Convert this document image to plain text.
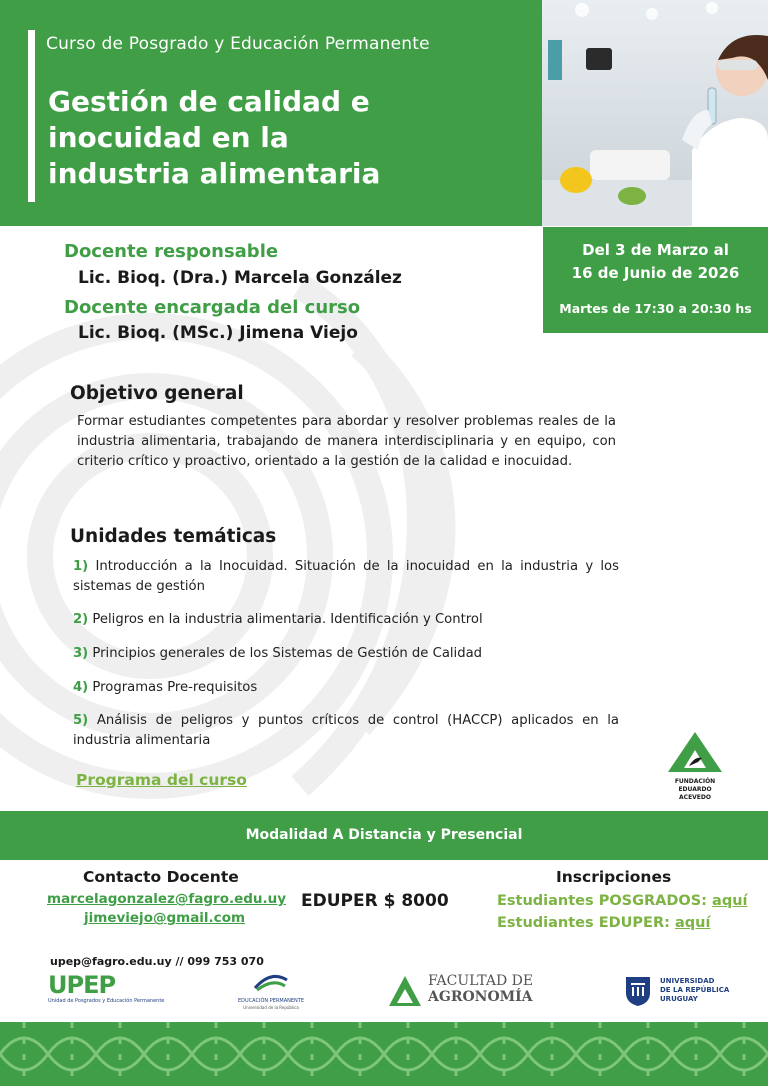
Curso de Posgrado y Educación Permanente
Gestión de calidad e
inocuidad en la
industria alimentaria
Del 3 de Marzo al
16 de Junio de 2026
Martes de 17:30 a 20:30 hs
Docente responsable
Lic. Bioq. (Dra.) Marcela González
Docente encargada del curso
Lic. Bioq. (MSc.) Jimena Viejo
Objetivo general
Formar estudiantes competentes para abordar y resolver problemas reales de la industria alimentaria, trabajando de manera interdisciplinaria y en equipo, con criterio crítico y proactivo, orientado a la gestión de la calidad e inocuidad.
Unidades temáticas
1) Introducción a la Inocuidad. Situación de la inocuidad en la industria y los sistemas de gestión
2) Peligros en la industria alimentaria. Identificación y Control
3) Principios generales de los Sistemas de Gestión de Calidad
4) Programas Pre-requisitos
5) Análisis de peligros y puntos críticos de control (HACCP) aplicados en la industria alimentaria
Programa del curso	FUNDACIÓN
EDUARDO ACEVEDO
Modalidad A Distancia y Presencial
Contacto Docente
marcelagonzalez@fagro.edu.uy
jimeviejo@gmail.com
EDUPER $ 8000
Inscripciones
Estudiantes POSGRADOS: aquí
Estudiantes EDUPER: aquí
upep@fagro.edu.uy // 099 753 070
UPEP
Unidad de Posgrados y Educación Permanente	EDUCACIÓN PERMANENTE
Universidad de la República
FACULTAD DE
AGRONOMÍA
UNIVERSIDAD
DE LA REPÚBLICA
URUGUAY
